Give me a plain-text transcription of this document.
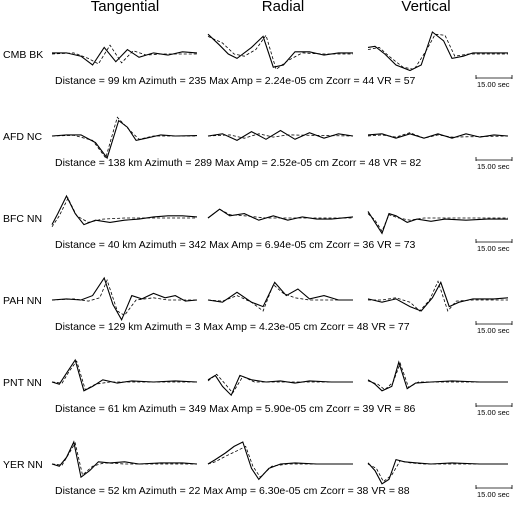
Tangential	Radial	Vertical
CMB BK
15.00 sec
Distance = 99 km Azimuth = 235 Max Amp = 2.24e-05 cm Zcorr = 44 VR = 57
AFD NC
15.00 sec
Distance = 138 km Azimuth = 289 Max Amp = 2.52e-05 cm Zcorr = 48 VR = 82
BFC NN
15.00 sec
Distance = 40 km Azimuth = 342 Max Amp = 6.94e-05 cm Zcorr = 36 VR = 73
PAH NN
15.00 sec
Distance = 129 km Azimuth = 3 Max Amp = 4.23e-05 cm Zcorr = 48 VR = 77
PNT NN
15.00 sec
Distance = 61 km Azimuth = 349 Max Amp = 5.90e-05 cm Zcorr = 39 VR = 86
YER NN
15.00 sec
Distance = 52 km Azimuth = 22 Max Amp = 6.30e-05 cm Zcorr = 38 VR = 88
